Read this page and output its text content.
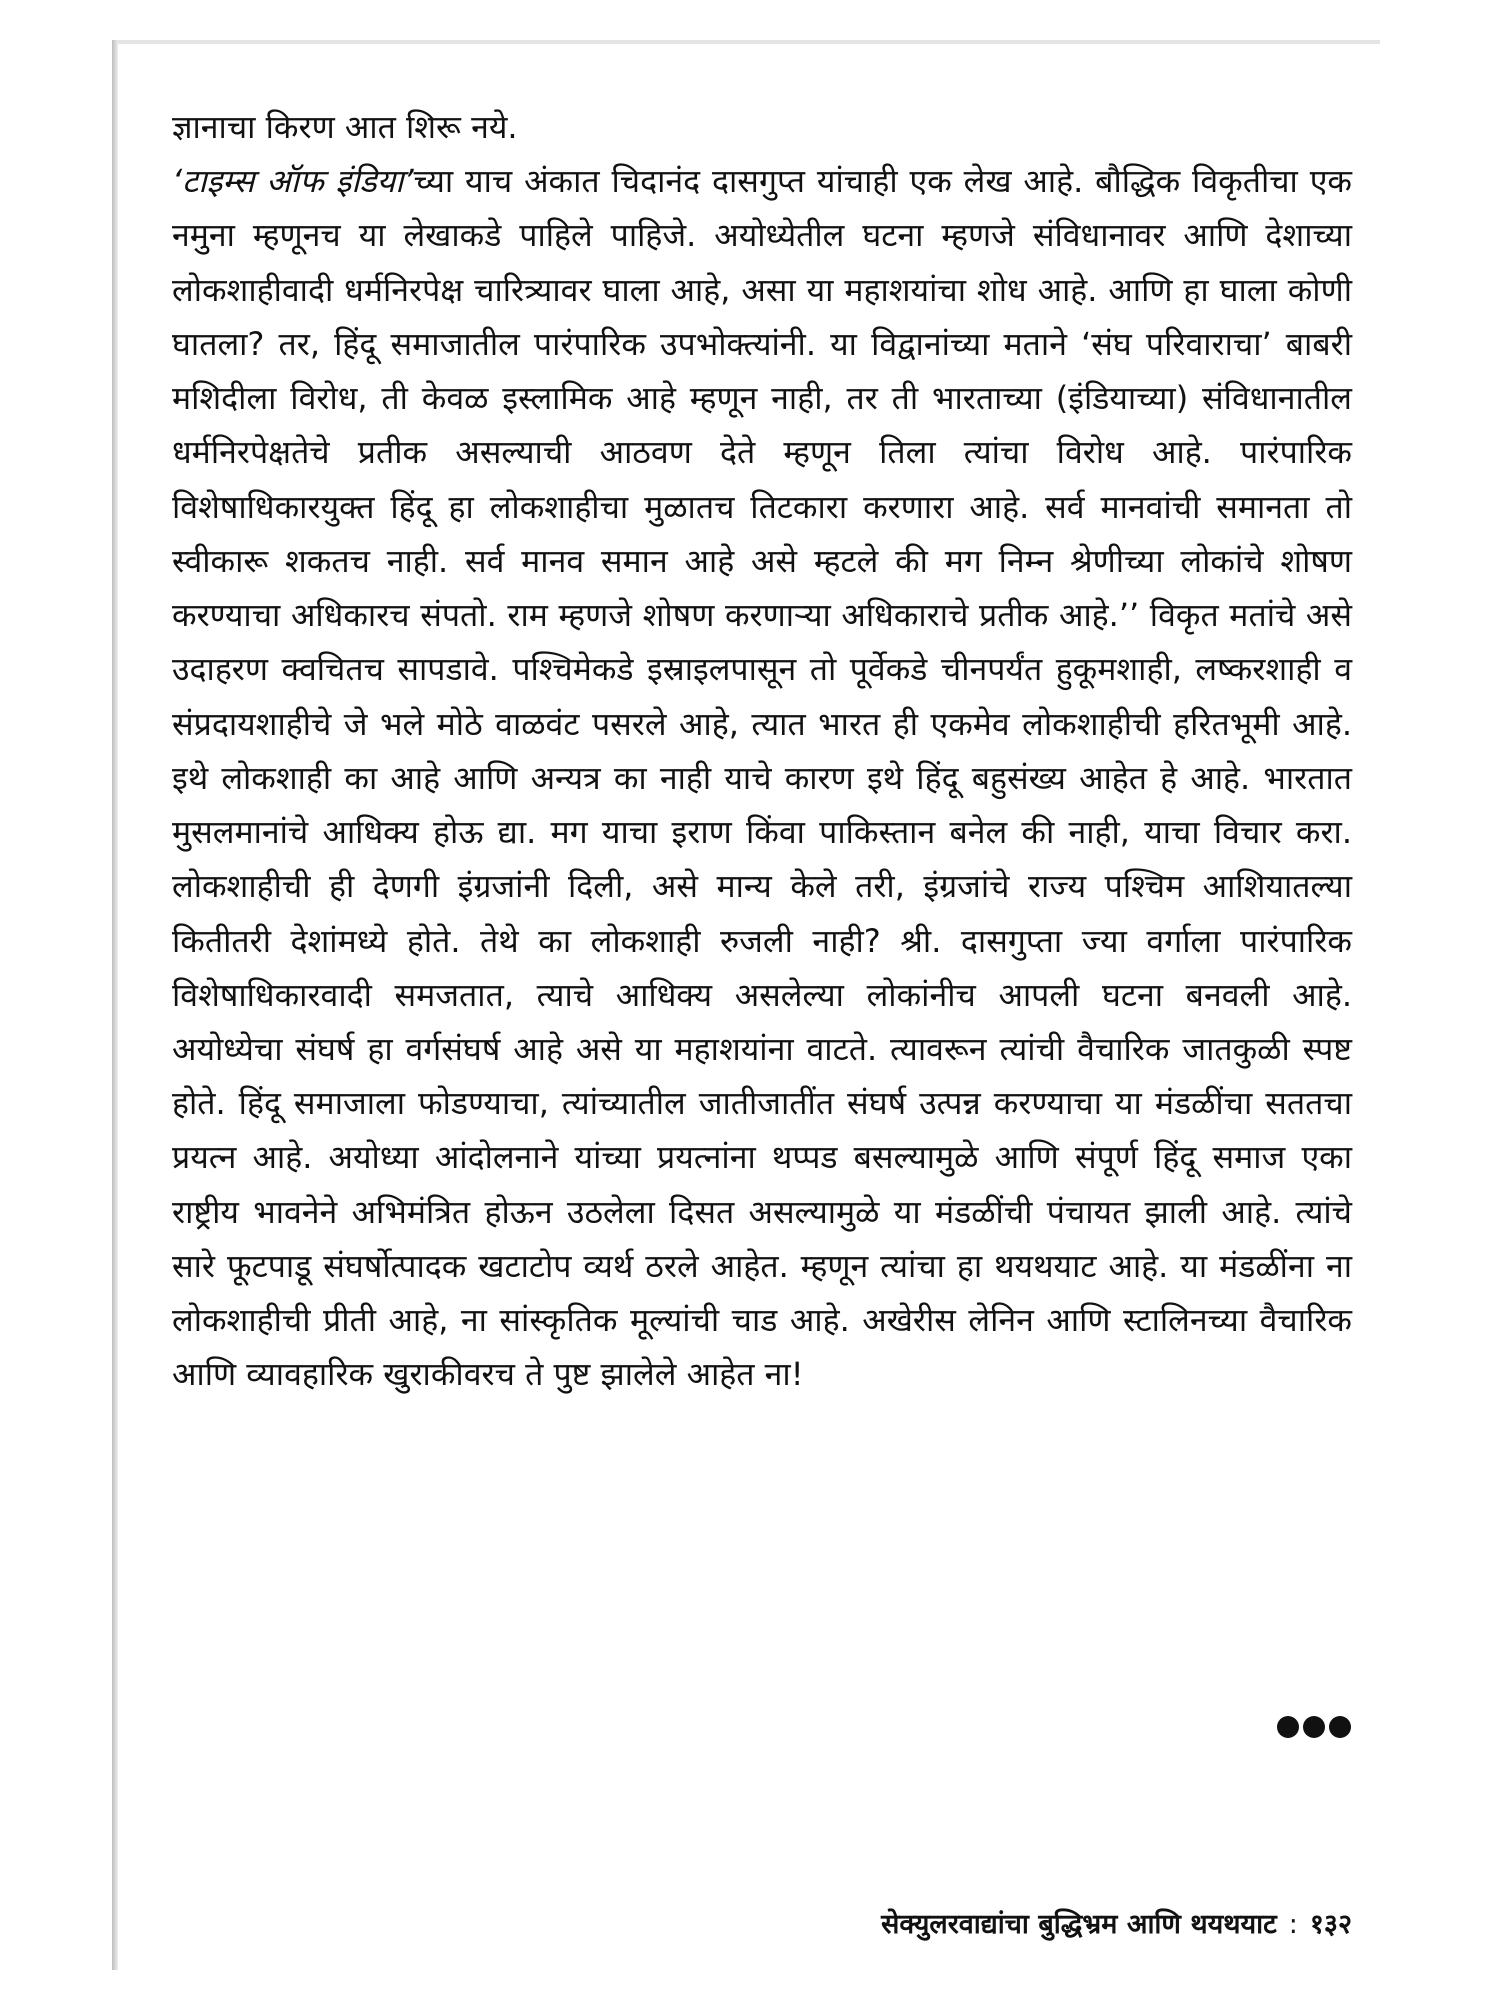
ज्ञानाचा किरण आत शिरू नये.

‘टाइम्स ऑफ इंडिया’च्या याच अंकात चिदानंद दासगुप्त यांचाही एक लेख आहे. बौद्धिक विकृतीचा एक नमुना म्हणूनच या लेखाकडे पाहिले पाहिजे. अयोध्येतील घटना म्हणजे संविधानावर आणि देशाच्या लोकशाहीवादी धर्मनिरपेक्ष चारित्र्यावर घाला आहे, असा या महाशयांचा शोध आहे. आणि हा घाला कोणी घातला? तर, हिंदू समाजातील पारंपारिक उपभोक्त्यांनी. या विद्वानांच्या मताने ‘संघ परिवाराचा’ बाबरी मशिदीला विरोध, ती केवळ इस्लामिक आहे म्हणून नाही, तर ती भारताच्या (इंडियाच्या) संविधानातील धर्मनिरपेक्षतेचे प्रतीक असल्याची आठवण देते म्हणून तिला त्यांचा विरोध आहे. पारंपारिक विशेषाधिकारयुक्त हिंदू हा लोकशाहीचा मुळातच तिटकारा करणारा आहे. सर्व मानवांची समानता तो स्वीकारू शकतच नाही. सर्व मानव समान आहे असे म्हटले की मग निम्न श्रेणीच्या लोकांचे शोषण करण्याचा अधिकारच संपतो. राम म्हणजे शोषण करणाऱ्या अधिकाराचे प्रतीक आहे.’’ विकृत मतांचे असे उदाहरण क्वचितच सापडावे. पश्चिमेकडे इस्राइलपासून तो पूर्वेकडे चीनपर्यंत हुकूमशाही, लष्करशाही व संप्रदायशाहीचे जे भले मोठे वाळवंट पसरले आहे, त्यात भारत ही एकमेव लोकशाहीची हरितभूमी आहे. इथे लोकशाही का आहे आणि अन्यत्र का नाही याचे कारण इथे हिंदू बहुसंख्य आहेत हे आहे. भारतात मुसलमानांचे आधिक्य होऊ द्या. मग याचा इराण किंवा पाकिस्तान बनेल की नाही, याचा विचार करा. लोकशाहीची ही देणगी इंग्रजांनी दिली, असे मान्य केले तरी, इंग्रजांचे राज्य पश्चिम आशियातल्या कितीतरी देशांमध्ये होते. तेथे का लोकशाही रुजली नाही? श्री. दासगुप्ता ज्या वर्गाला पारंपारिक विशेषाधिकारवादी समजतात, त्याचे आधिक्य असलेल्या लोकांनीच आपली घटना बनवली आहे. अयोध्येचा संघर्ष हा वर्गसंघर्ष आहे असे या महाशयांना वाटते. त्यावरून त्यांची वैचारिक जातकुळी स्पष्ट होते. हिंदू समाजाला फोडण्याचा, त्यांच्यातील जातीजातींत संघर्ष उत्पन्न करण्याचा या मंडळींचा सततचा प्रयत्न आहे. अयोध्या आंदोलनाने यांच्या प्रयत्नांना थप्पड बसल्यामुळे आणि संपूर्ण हिंदू समाज एका राष्ट्रीय भावनेने अभिमंत्रित होऊन उठलेला दिसत असल्यामुळे या मंडळींची पंचायत झाली आहे. त्यांचे सारे फूटपाडू संघर्षोत्पादक खटाटोप व्यर्थ ठरले आहेत. म्हणून त्यांचा हा थयथयाट आहे. या मंडळींना ना लोकशाहीची प्रीती आहे, ना सांस्कृतिक मूल्यांची चाड आहे. अखेरीस लेनिन आणि स्टालिनच्या वैचारिक आणि व्यावहारिक खुराकीवरच ते पुष्ट झालेले आहेत ना!

सेक्युलरवाद्यांचा बुद्धिभ्रम आणि थयथयाट : १३२
